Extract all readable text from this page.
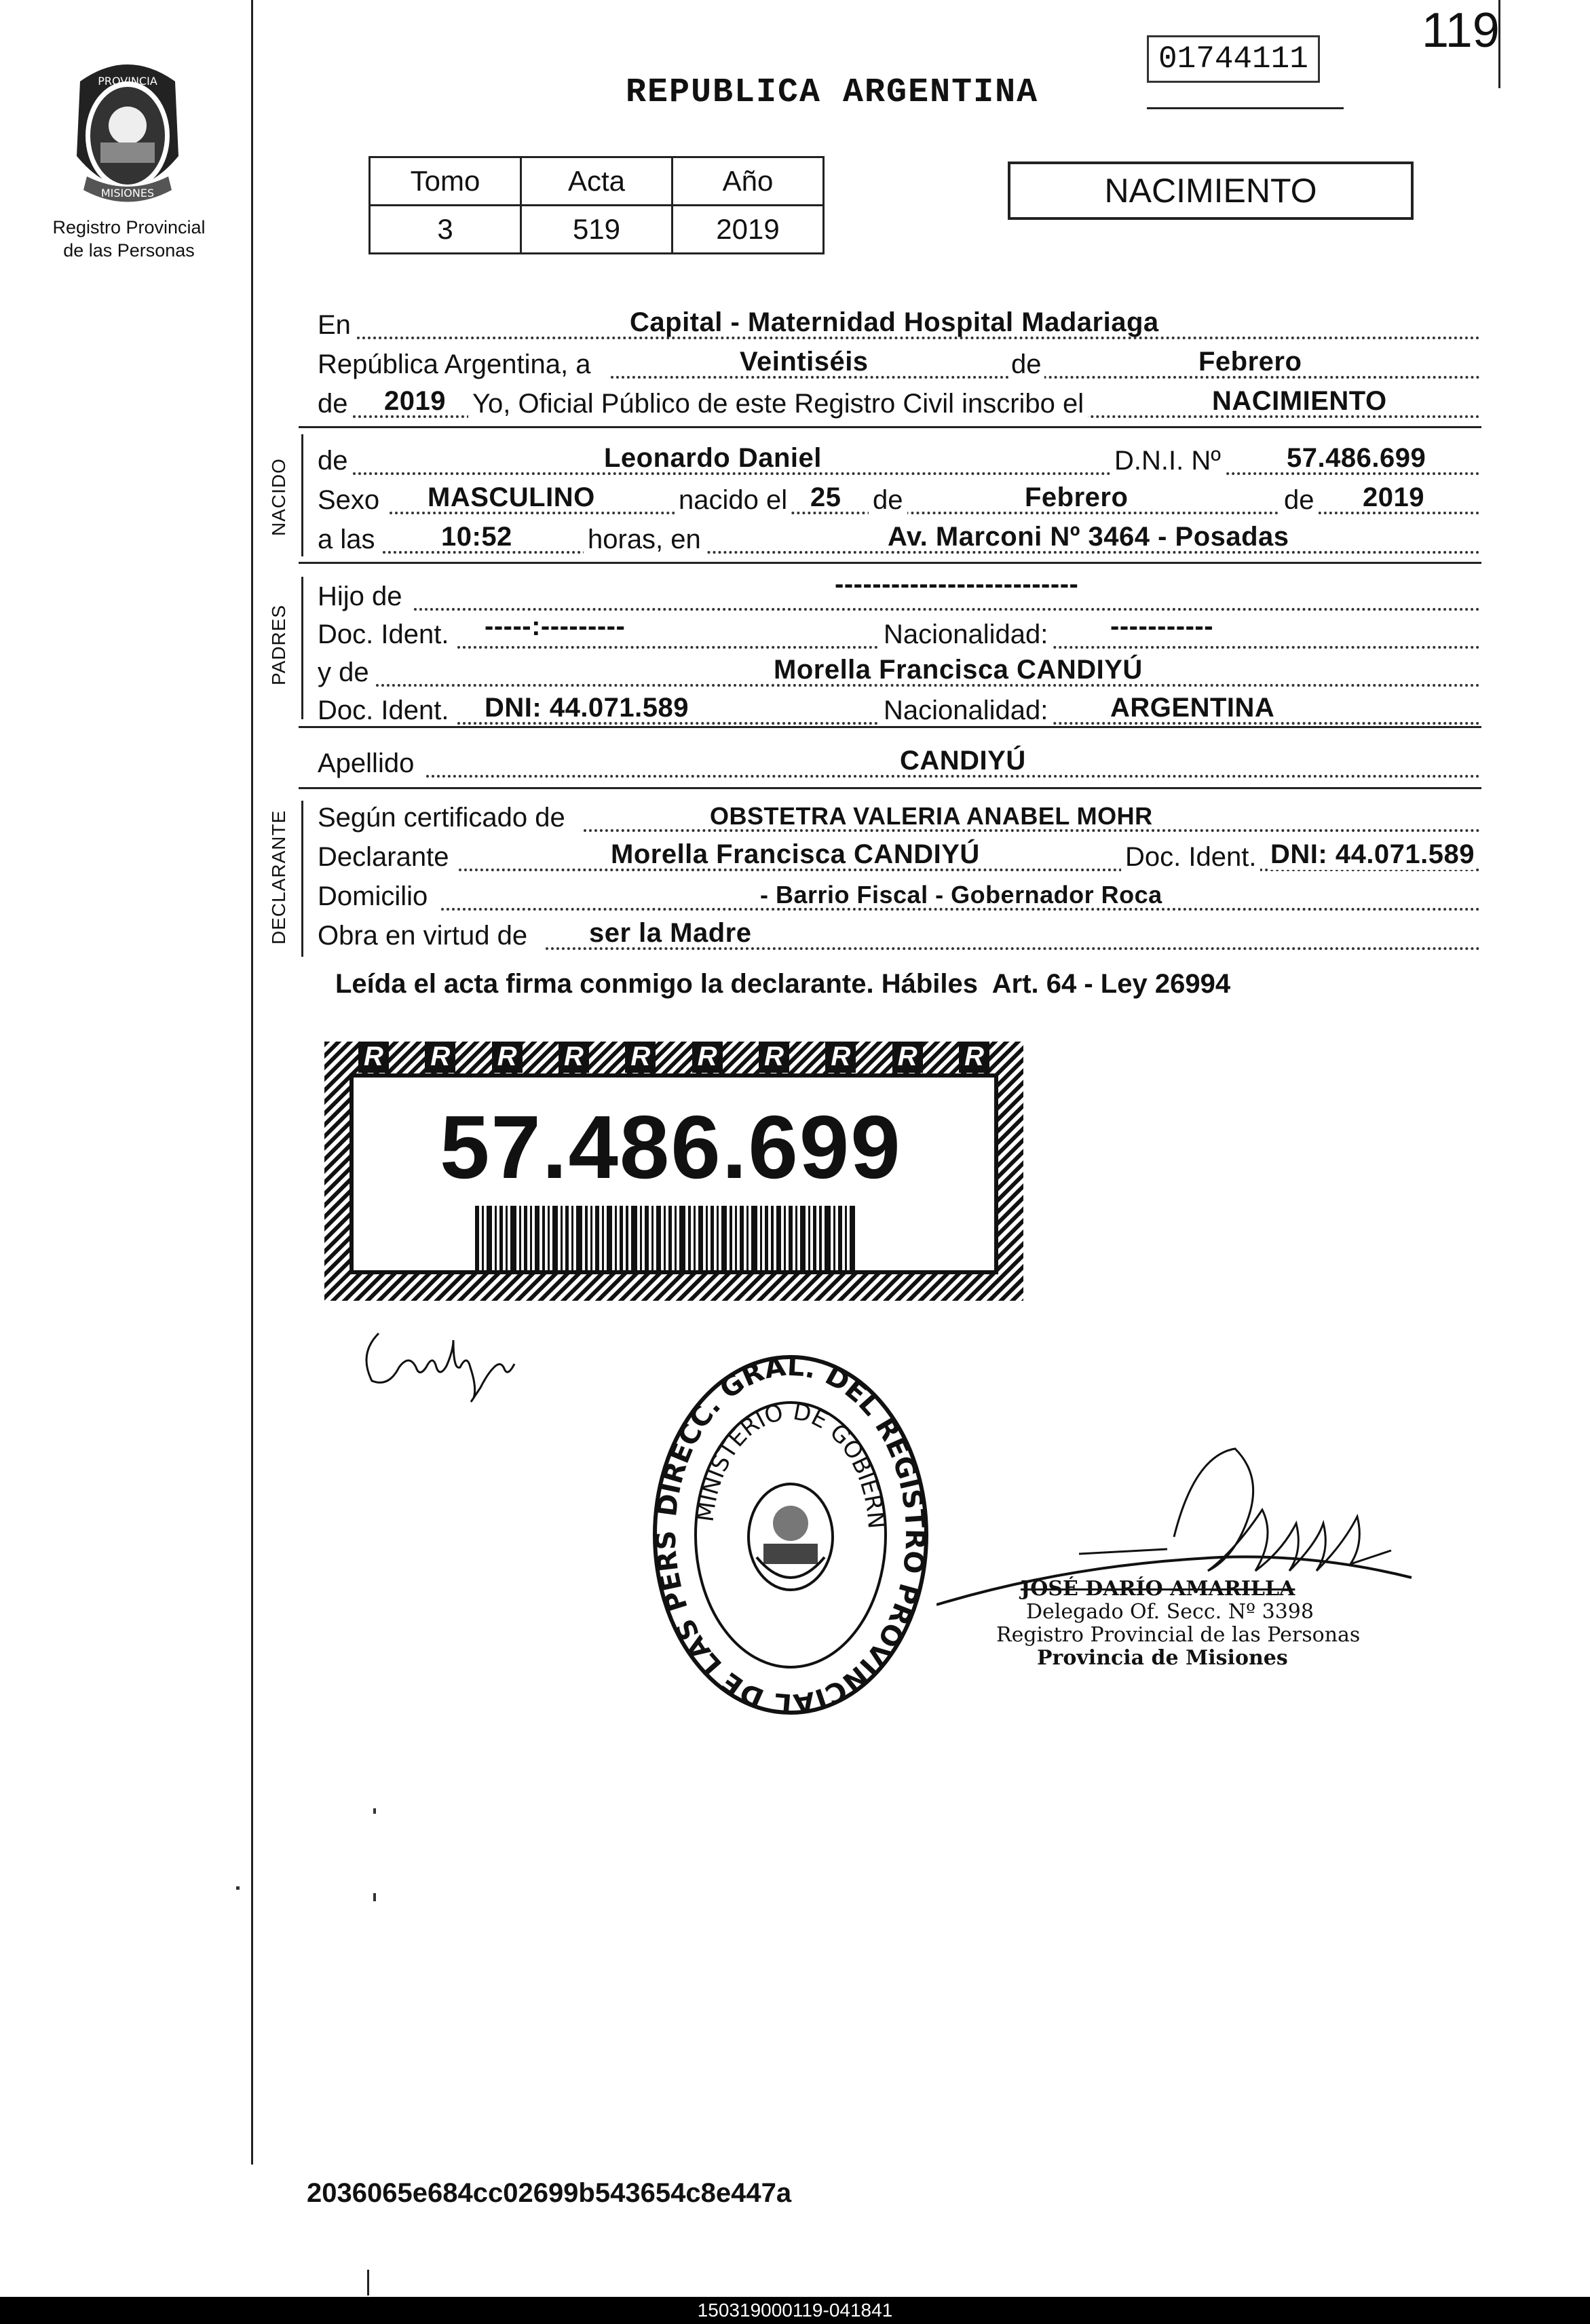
PROVINCIA
MISIONES
Registro Provincial
de las Personas
REPUBLICA ARGENTINA
01744111
119
Tomo	Acta	Año
3	519	2019
NACIMIENTO
En	Capital - Maternidad Hospital Madariaga
República Argentina, a	Veintiséis	de	Febrero
de 2019 Yo, Oficial Público de este Registro Civil inscribo el	NACIMIENTO
NACIDO de	Leonardo Daniel	D.N.I. Nº 57.486.699
Sexo MASCULINO	nacido el 25 de	Febrero	de 2019
a las 10:52	horas, en	Av. Marconi Nº 3464 - Posadas
PADRES
Hijo de	--------------------------
Doc. Ident. -----:---------	Nacionalidad: -----------
y de	Morella Francisca CANDIYÚ
Doc. Ident. DNI: 44.071.589	Nacionalidad: ARGENTINA
Apellido	CANDIYÚ
DECLARANTE Según certificado de	OBSTETRA VALERIA ANABEL MOHR
Declarante	Morella Francisca CANDIYÚ	Doc. Ident. DNI: 44.071.589
Domicilio	- Barrio Fiscal - Gobernador Roca
Obra en virtud de ser la Madre
Leída el acta firma conmigo la declarante. Hábiles  Art. 64 - Ley 26994
R R R R R R R R R R
57.486.699
DIRECC. GRAL. DEL REGISTRO PROVINCIAL DE LAS PERS
MINISTERIO DE GOBIERN
JOSÉ DARÍO AMARILLA
Delegado Of. Secc. Nº 3398
Registro Provincial de las Personas
Provincia de Misiones
2036065e684cc02699b543654c8e447a
150319000119-041841
